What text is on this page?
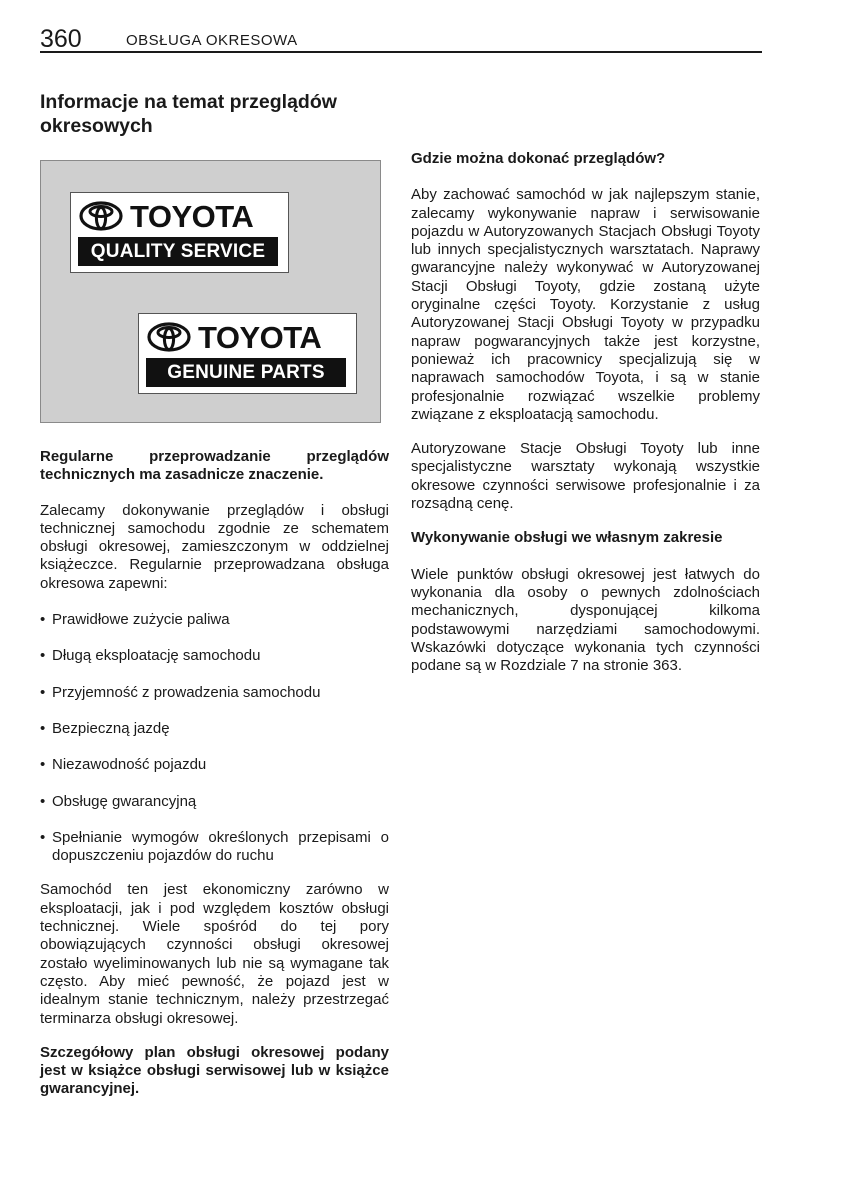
360	OBSŁUGA OKRESOWA
Informacje na temat przeglądów
okresowych
TOYOTA
QUALITY SERVICE
TOYOTA
GENUINE PARTS

Regularne przeprowadzanie przeglądów technicznych ma zasadnicze znaczenie.

Zalecamy dokonywanie przeglądów i obsługi technicznej samochodu zgodnie ze schematem obsługi okresowej, zamieszczonym w oddzielnej książeczce. Regularnie przeprowadzana obsługa okresowa zapewni:

• Prawidłowe zużycie paliwa
• Długą eksploatację samochodu
• Przyjemność z prowadzenia samochodu
• Bezpieczną jazdę
• Niezawodność pojazdu
• Obsługę gwarancyjną
• Spełnianie wymogów określonych przepisami o dopuszczeniu pojazdów do ruchu

Samochód ten jest ekonomiczny zarówno w eksploatacji, jak i pod względem kosztów obsługi technicznej. Wiele spośród do tej pory obowiązujących czynności obsługi okresowej zostało wyeliminowanych lub nie są wymagane tak często. Aby mieć pewność, że pojazd jest w idealnym stanie technicznym, należy przestrzegać terminarza obsługi okresowej.

Szczegółowy plan obsługi okresowej podany jest w książce obsługi serwisowej lub w książce gwarancyjnej.

Gdzie można dokonać przeglądów?

Aby zachować samochód w jak najlepszym stanie, zalecamy wykonywanie napraw i serwisowanie pojazdu w Autoryzowanych Stacjach Obsługi Toyoty lub innych specjalistycznych warsztatach. Naprawy gwarancyjne należy wykonywać w Autoryzowanej Stacji Obsługi Toyoty, gdzie zostaną użyte oryginalne części Toyoty. Korzystanie z usług Autoryzowanej Stacji Obsługi Toyoty w przypadku napraw pogwarancyjnych także jest korzystne, ponieważ ich pracownicy specjalizują się w naprawach samochodów Toyota, i są w stanie profesjonalnie rozwiązać wszelkie problemy związane z eksploatacją samochodu.

Autoryzowane Stacje Obsługi Toyoty lub inne specjalistyczne warsztaty wykonają wszystkie okresowe czynności serwisowe profesjonalnie i za rozsądną cenę.

Wykonywanie obsługi we własnym zakresie

Wiele punktów obsługi okresowej jest łatwych do wykonania dla osoby o pewnych zdolnościach mechanicznych, dysponującej kilkoma podstawowymi narzędziami samochodowymi. Wskazówki dotyczące wykonania tych czynności podane są w Rozdziale 7 na stronie 363.
